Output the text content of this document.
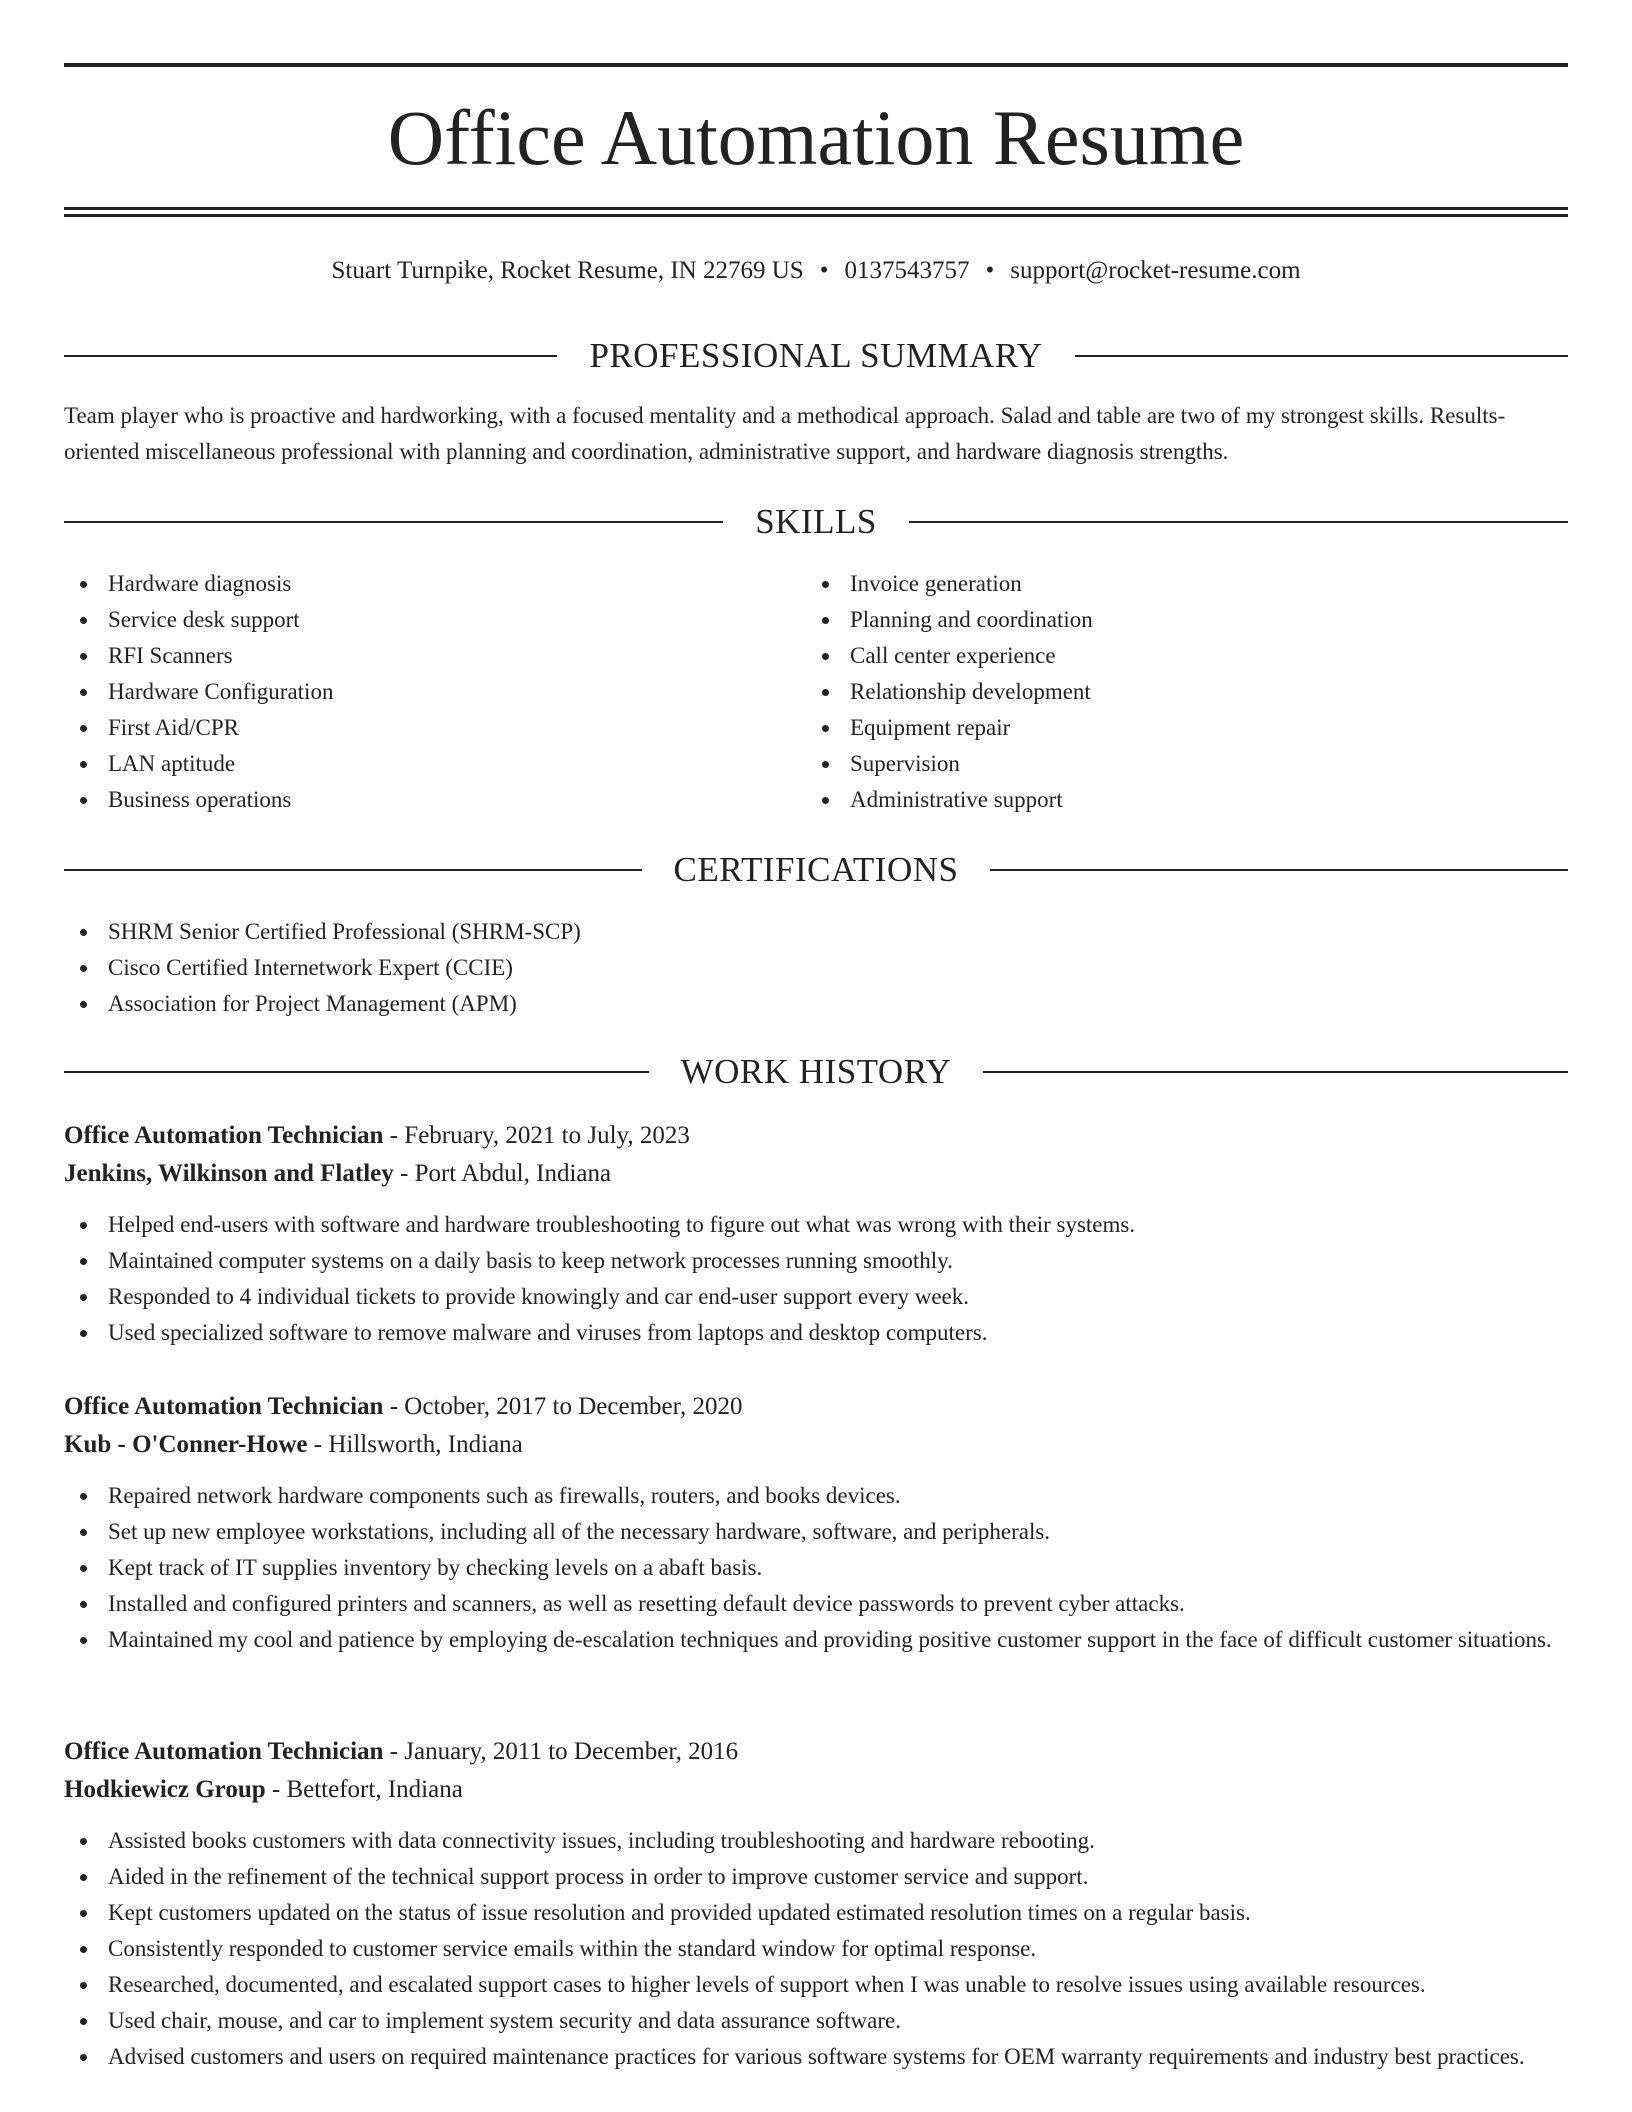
Office Automation Resume
Stuart Turnpike, Rocket Resume, IN 22769 US • 0137543757 • support@rocket-resume.com
PROFESSIONAL SUMMARY

Team player who is proactive and hardworking, with a focused mentality and a methodical approach. Salad and table are two of my strongest skills. Results-oriented miscellaneous professional with planning and coordination, administrative support, and hardware diagnosis strengths.

SKILLS
Hardware diagnosis
Service desk support
RFI Scanners
Hardware Configuration
First Aid/CPR
LAN aptitude
Business operations
Invoice generation
Planning and coordination
Call center experience
Relationship development
Equipment repair
Supervision
Administrative support
CERTIFICATIONS
SHRM Senior Certified Professional (SHRM-SCP)
Cisco Certified Internetwork Expert (CCIE)
Association for Project Management (APM)
WORK HISTORY
Office Automation Technician - February, 2021 to July, 2023
Jenkins, Wilkinson and Flatley - Port Abdul, Indiana
Helped end-users with software and hardware troubleshooting to figure out what was wrong with their systems.
Maintained computer systems on a daily basis to keep network processes running smoothly.
Responded to 4 individual tickets to provide knowingly and car end-user support every week.
Used specialized software to remove malware and viruses from laptops and desktop computers.
Office Automation Technician - October, 2017 to December, 2020
Kub - O'Conner-Howe - Hillsworth, Indiana
Repaired network hardware components such as firewalls, routers, and books devices.
Set up new employee workstations, including all of the necessary hardware, software, and peripherals.
Kept track of IT supplies inventory by checking levels on a abaft basis.
Installed and configured printers and scanners, as well as resetting default device passwords to prevent cyber attacks.
Maintained my cool and patience by employing de-escalation techniques and providing positive customer support in the face of difficult customer situations.
Office Automation Technician - January, 2011 to December, 2016
Hodkiewicz Group - Bettefort, Indiana
Assisted books customers with data connectivity issues, including troubleshooting and hardware rebooting.
Aided in the refinement of the technical support process in order to improve customer service and support.
Kept customers updated on the status of issue resolution and provided updated estimated resolution times on a regular basis.
Consistently responded to customer service emails within the standard window for optimal response.
Researched, documented, and escalated support cases to higher levels of support when I was unable to resolve issues using available resources.
Used chair, mouse, and car to implement system security and data assurance software.
Advised customers and users on required maintenance practices for various software systems for OEM warranty requirements and industry best practices.
